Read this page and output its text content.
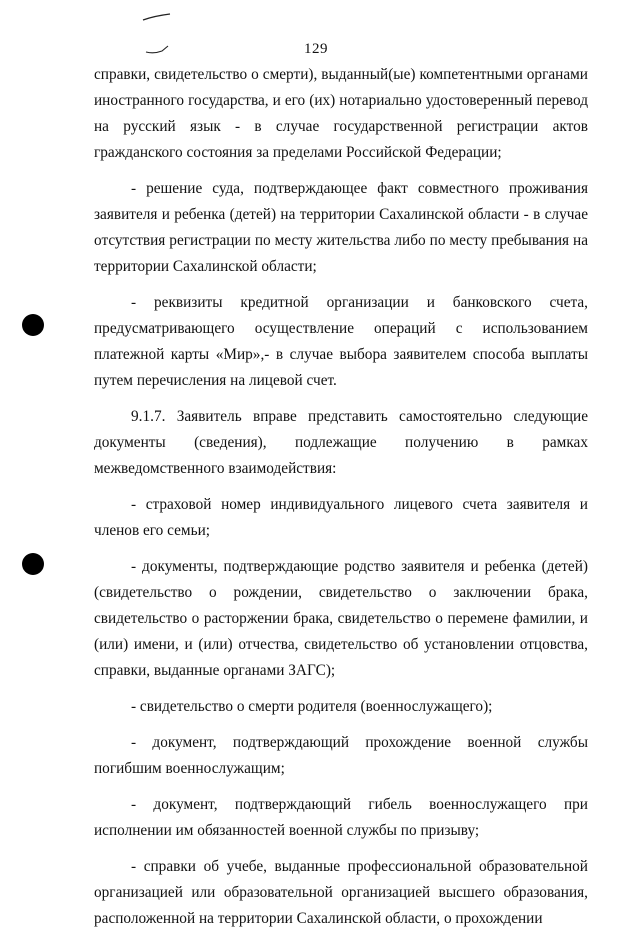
129

справки, свидетельство о смерти), выданный(ые) компетентными органами иностранного государства, и его (их) нотариально удостоверенный перевод на русский язык - в случае государственной регистрации актов гражданского состояния за пределами Российской Федерации;

- решение суда, подтверждающее факт совместного проживания заявителя и ребенка (детей) на территории Сахалинской области - в случае отсутствия регистрации по месту жительства либо по месту пребывания на территории Сахалинской области;

- реквизиты кредитной организации и банковского счета, предусматривающего осуществление операций с использованием платежной карты «Мир»,- в случае выбора заявителем способа выплаты путем перечисления на лицевой счет.

9.1.7. Заявитель вправе представить самостоятельно следующие документы (сведения), подлежащие получению в рамках межведомственного взаимодействия:

- страховой номер индивидуального лицевого счета заявителя и членов его семьи;

- документы, подтверждающие родство заявителя и ребенка (детей) (свидетельство о рождении, свидетельство о заключении брака, свидетельство о расторжении брака, свидетельство о перемене фамилии, и (или) имени, и (или) отчества, свидетельство об установлении отцовства, справки, выданные органами ЗАГС);

- свидетельство о смерти родителя (военнослужащего);

- документ, подтверждающий прохождение военной службы погибшим военнослужащим;

- документ, подтверждающий гибель военнослужащего при исполнении им обязанностей военной службы по призыву;

- справки об учебе, выданные профессиональной образовательной организацией или образовательной организацией высшего образования, расположенной на территории Сахалинской области, о прохождении
